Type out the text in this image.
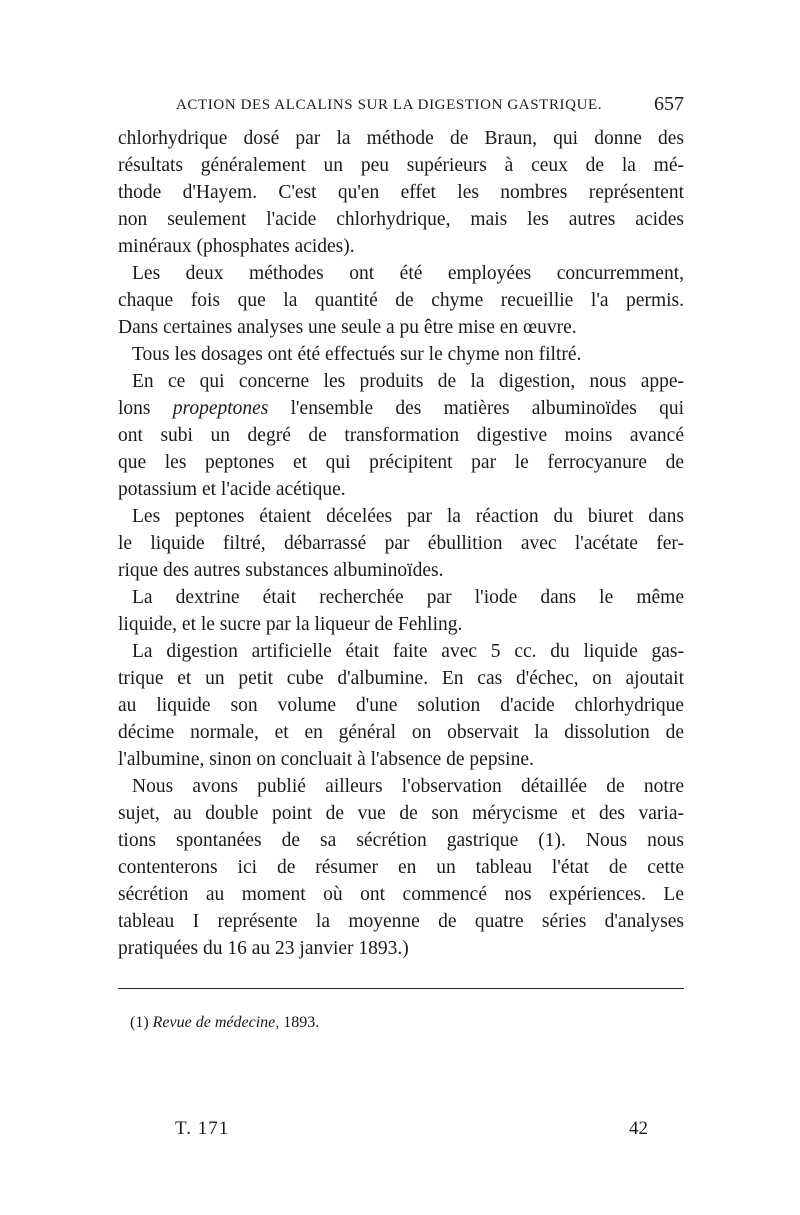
ACTION DES ALCALINS SUR LA DIGESTION GASTRIQUE.	657
chlorhydrique dosé par la méthode de Braun, qui donne des
résultats généralement un peu supérieurs à ceux de la mé-
thode d'Hayem. C'est qu'en effet les nombres représentent
non seulement l'acide chlorhydrique, mais les autres acides
minéraux (phosphates acides).
Les deux méthodes ont été employées concurremment,
chaque fois que la quantité de chyme recueillie l'a permis.
Dans certaines analyses une seule a pu être mise en œuvre.
Tous les dosages ont été effectués sur le chyme non filtré.
En ce qui concerne les produits de la digestion, nous appe-
lons propeptones l'ensemble des matières albuminoïdes qui
ont subi un degré de transformation digestive moins avancé
que les peptones et qui précipitent par le ferrocyanure de
potassium et l'acide acétique.
Les peptones étaient décelées par la réaction du biuret dans
le liquide filtré, débarrassé par ébullition avec l'acétate fer-
rique des autres substances albuminoïdes.
La dextrine était recherchée par l'iode dans le même
liquide, et le sucre par la liqueur de Fehling.
La digestion artificielle était faite avec 5 cc. du liquide gas-
trique et un petit cube d'albumine. En cas d'échec, on ajoutait
au liquide son volume d'une solution d'acide chlorhydrique
décime normale, et en général on observait la dissolution de
l'albumine, sinon on concluait à l'absence de pepsine.
Nous avons publié ailleurs l'observation détaillée de notre
sujet, au double point de vue de son mérycisme et des varia-
tions spontanées de sa sécrétion gastrique (1). Nous nous
contenterons ici de résumer en un tableau l'état de cette
sécrétion au moment où ont commencé nos expériences. Le
tableau I représente la moyenne de quatre séries d'analyses
pratiquées du 16 au 23 janvier 1893.)
(1) Revue de médecine, 1893.
T. 171	42
